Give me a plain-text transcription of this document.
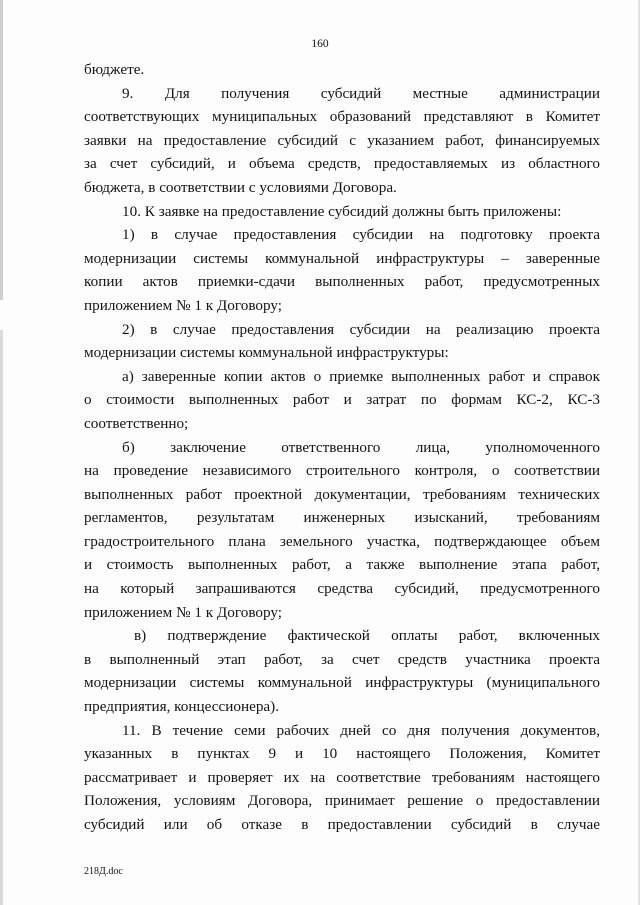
160

бюджете.

9. Для получения субсидий местные администрации

соответствующих муниципальных образований представляют в Комитет

заявки на предоставление субсидий с указанием работ, финансируемых

за счет субсидий, и объема средств, предоставляемых из областного

бюджета, в соответствии с условиями Договора.

10. К заявке на предоставление субсидий должны быть приложены:

1) в случае предоставления субсидии на подготовку проекта

модернизации системы коммунальной инфраструктуры – заверенные

копии актов приемки-сдачи выполненных работ, предусмотренных

приложением № 1 к Договору;

2) в случае предоставления субсидии на реализацию проекта

модернизации системы коммунальной инфраструктуры:

а) заверенные копии актов о приемке выполненных работ и справок

о стоимости выполненных работ и затрат по формам КС-2, КС-3

соответственно;

б) заключение ответственного лица, уполномоченного

на проведение независимого строительного контроля, о соответствии

выполненных работ проектной документации, требованиям технических

регламентов, результатам инженерных изысканий, требованиям

градостроительного плана земельного участка, подтверждающее объем

и стоимость выполненных работ, а также выполнение этапа работ,

на который запрашиваются средства субсидий, предусмотренного

приложением № 1 к Договору;

в) подтверждение фактической оплаты работ, включенных

в выполненный этап работ, за счет средств участника проекта

модернизации системы коммунальной инфраструктуры (муниципального

предприятия, концессионера).

11. В течение семи рабочих дней со дня получения документов,

указанных в пунктах 9 и 10 настоящего Положения, Комитет

рассматривает и проверяет их на соответствие требованиям настоящего

Положения, условиям Договора, принимает решение о предоставлении

субсидий или об отказе в предоставлении субсидий в случае

218Д.doc
